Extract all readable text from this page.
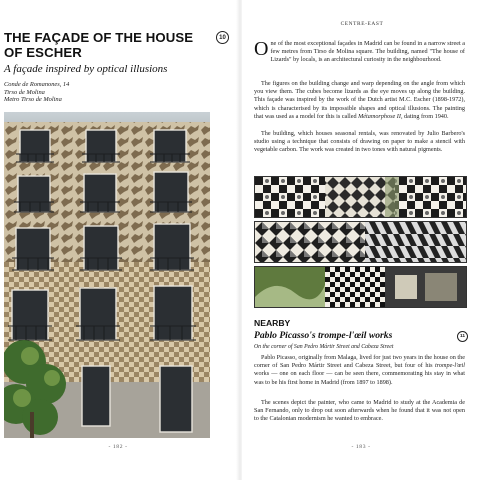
THE FAÇADE OF THE HOUSE OF ESCHER
10
A façade inspired by optical illusions
Conde de Romanones, 14
Tirso de Molina
Metro Tirso de Molina
- 182 -
CENTRE-EAST

One of the most exceptional façades in Madrid can be found in a narrow street a few metres from Tirso de Molina square. The building, named "The house of Lizards" by locals, is an architectural curiosity in the neighbourhood.

The figures on the building change and warp depending on the angle from which you view them. The cubes become lizards as the eye moves up along the building. This façade was inspired by the work of the Dutch artist M.C. Escher (1898-1972), which is characterised by its impossible shapes and optical illusions. The painting that was used as a model for this is called Métamorphose II, dating from 1940.

The building, which houses seasonal rentals, was renovated by Julio Barbero's studio using a technique that consists of drawing on paper to make a stencil with vegetable carbon. The work was created in two tones with natural pigments.

NEARBY
Pablo Picasso's trompe-l'œil works	11
On the corner of San Pedro Mártir Street and Cabeza Street

Pablo Picasso, originally from Malaga, lived for just two years in the house on the corner of San Pedro Mártir Street and Cabeza Street, but four of his trompe-l'œil works — one on each floor — can be seen there, commemorating his stay in what was to be his first home in Madrid (from 1897 to 1898).

The scenes depict the painter, who came to Madrid to study at the Academia de San Fernando, only to drop out soon afterwards when he found that it was not open to the Catalonian modernism he wanted to embrace.

- 183 -
